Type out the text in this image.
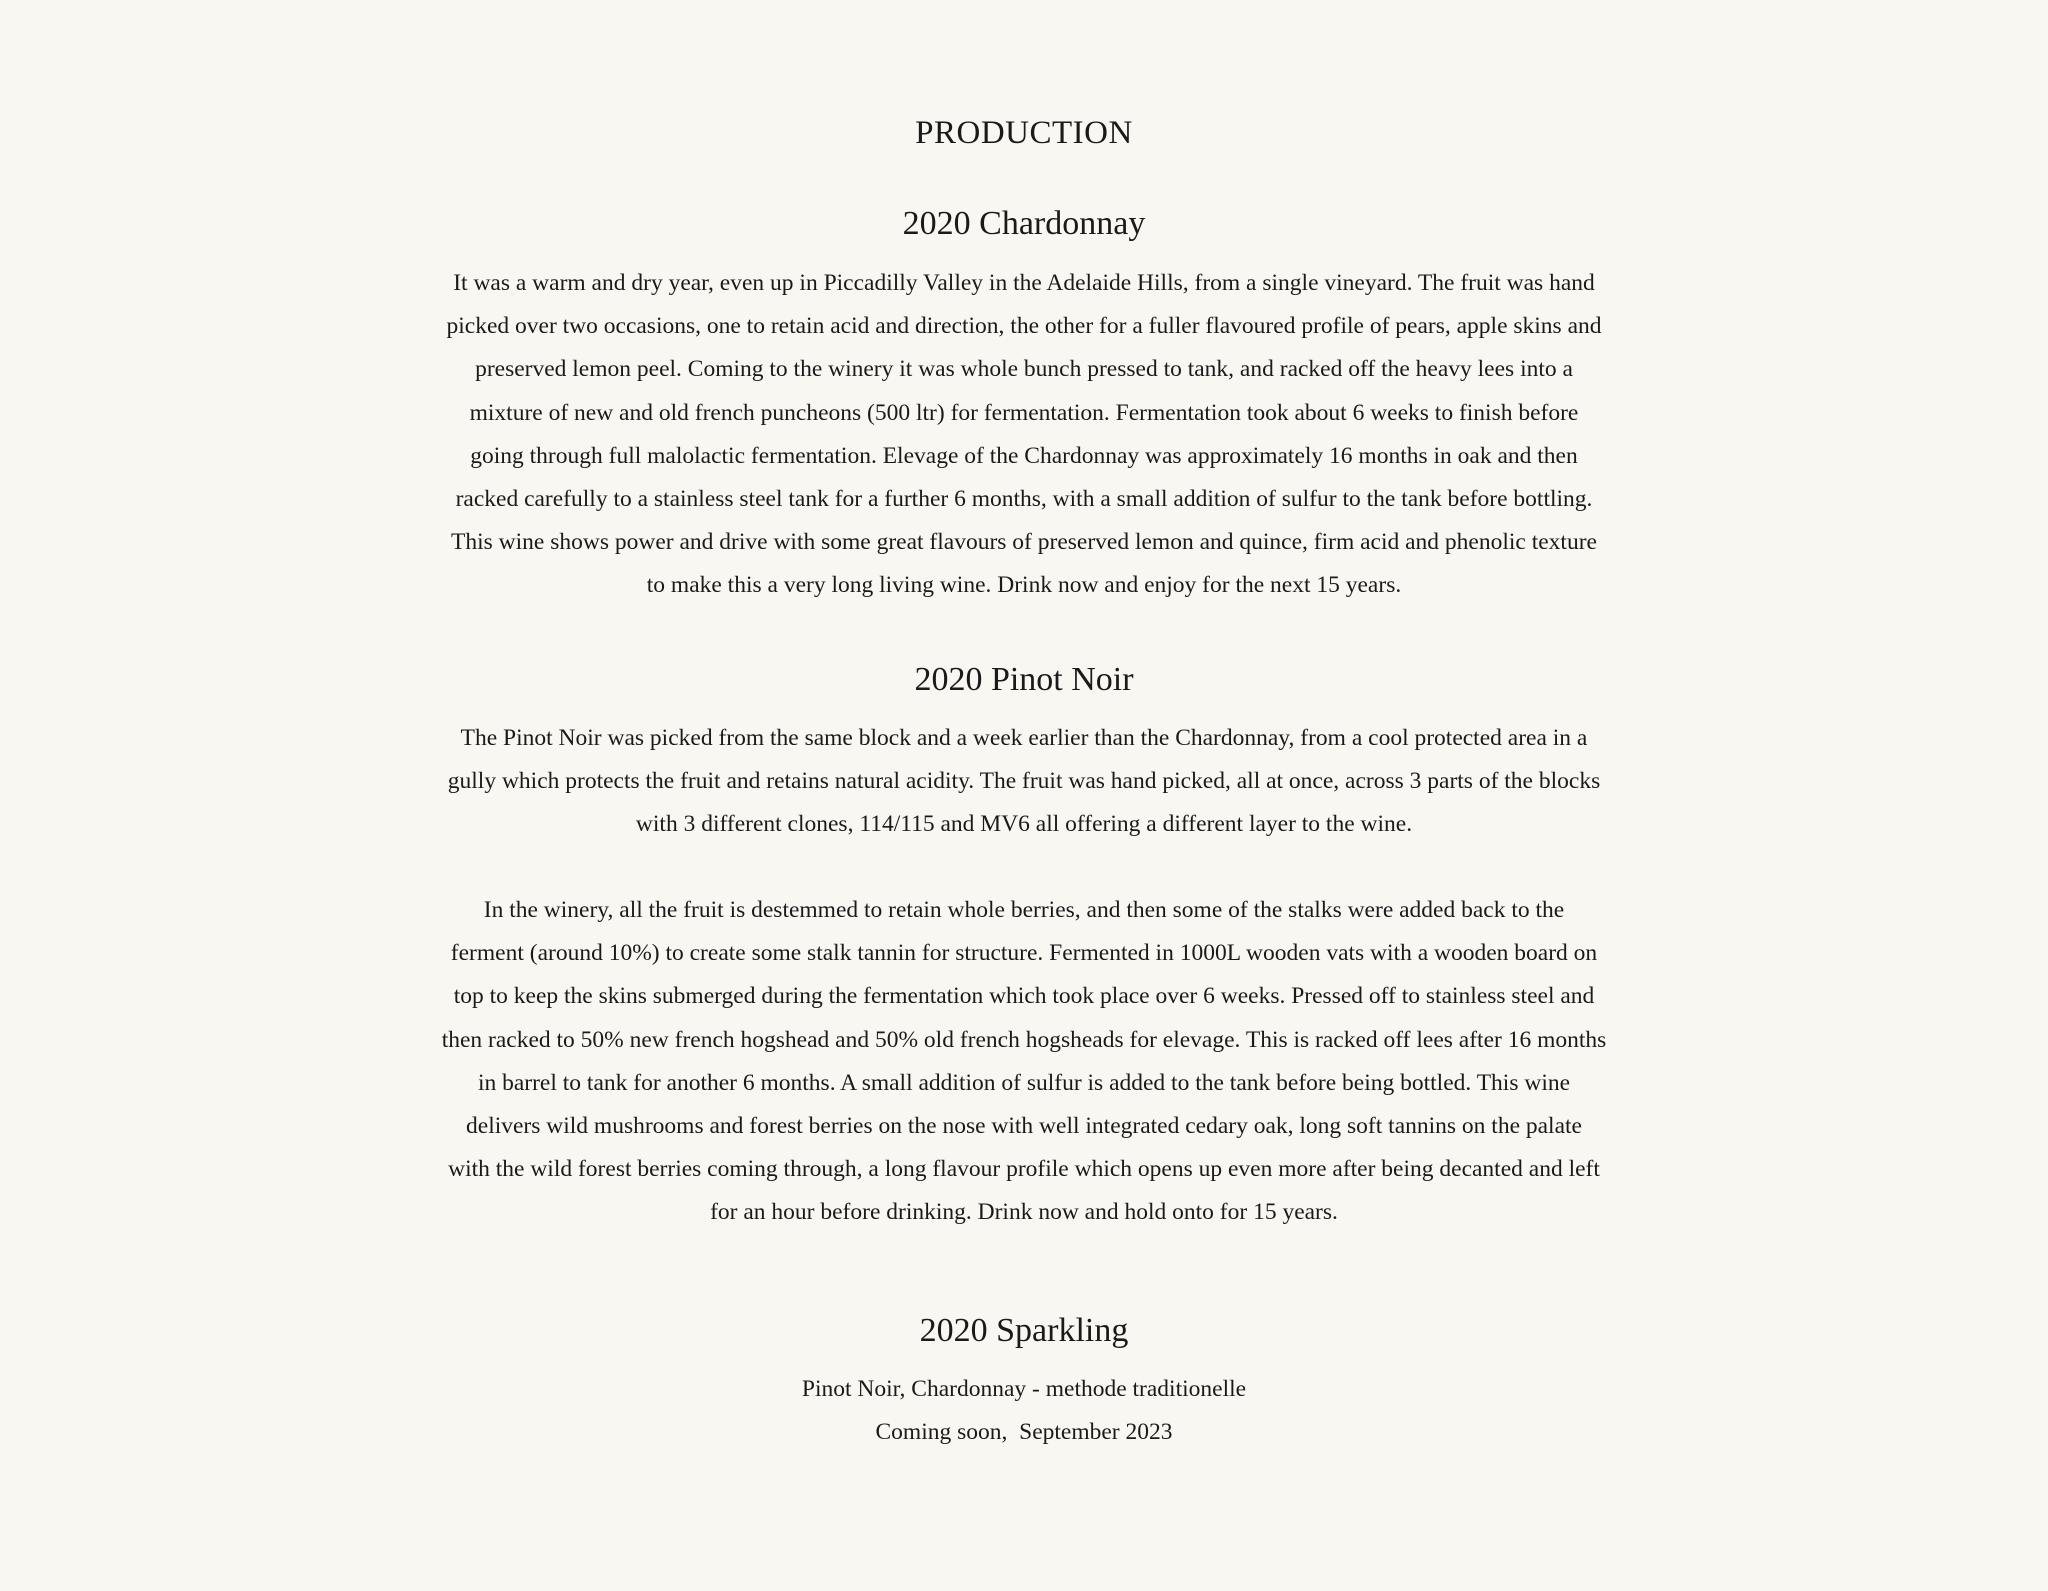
PRODUCTION
2020 Chardonnay

It was a warm and dry year, even up in Piccadilly Valley in the Adelaide Hills, from a single vineyard. The fruit was hand
picked over two occasions, one to retain acid and direction, the other for a fuller flavoured profile of pears, apple skins and
preserved lemon peel. Coming to the winery it was whole bunch pressed to tank, and racked off the heavy lees into a
mixture of new and old french puncheons (500 ltr) for fermentation. Fermentation took about 6 weeks to finish before
going through full malolactic fermentation. Elevage of the Chardonnay was approximately 16 months in oak and then
racked carefully to a stainless steel tank for a further 6 months, with a small addition of sulfur to the tank before bottling.
This wine shows power and drive with some great flavours of preserved lemon and quince, firm acid and phenolic texture
to make this a very long living wine. Drink now and enjoy for the next 15 years.

2020 Pinot Noir

The Pinot Noir was picked from the same block and a week earlier than the Chardonnay, from a cool protected area in a
gully which protects the fruit and retains natural acidity. The fruit was hand picked, all at once, across 3 parts of the blocks
with 3 different clones, 114/115 and MV6 all offering a different layer to the wine.

In the winery, all the fruit is destemmed to retain whole berries, and then some of the stalks were added back to the
ferment (around 10%) to create some stalk tannin for structure. Fermented in 1000L wooden vats with a wooden board on
top to keep the skins submerged during the fermentation which took place over 6 weeks. Pressed off to stainless steel and
then racked to 50% new french hogshead and 50% old french hogsheads for elevage. This is racked off lees after 16 months
in barrel to tank for another 6 months. A small addition of sulfur is added to the tank before being bottled. This wine
delivers wild mushrooms and forest berries on the nose with well integrated cedary oak, long soft tannins on the palate
with the wild forest berries coming through, a long flavour profile which opens up even more after being decanted and left
for an hour before drinking. Drink now and hold onto for 15 years.

2020 Sparkling

Pinot Noir, Chardonnay - methode traditionelle
Coming soon,  September 2023
